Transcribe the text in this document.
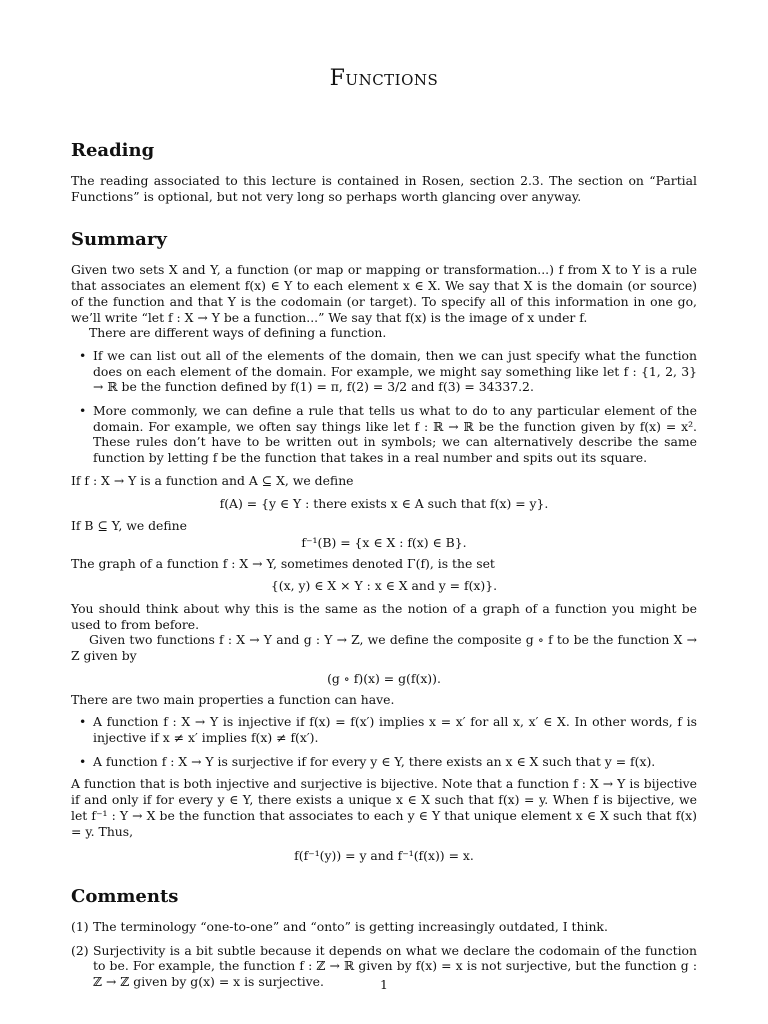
Functions
Reading

The reading associated to this lecture is contained in Rosen, section 2.3. The section on “Partial Functions” is optional, but not very long so perhaps worth glancing over anyway.

Summary

Given two sets X and Y, a function (or map or mapping or transformation...) f from X to Y is a rule that associates an element f(x) ∈ Y to each element x ∈ X. We say that X is the domain (or source) of the function and that Y is the codomain (or target). To specify all of this information in one go, we’ll write “let f : X → Y be a function...” We say that f(x) is the image of x under f.

There are different ways of defining a function.

• If we can list out all of the elements of the domain, then we can just specify what the function does on each element of the domain. For example, we might say something like let f : {1, 2, 3} → ℝ be the function defined by f(1) = π, f(2) = 3/2 and f(3) = 34337.2.
• More commonly, we can define a rule that tells us what to do to any particular element of the domain. For example, we often say things like let f : ℝ → ℝ be the function given by f(x) = x². These rules don’t have to be written out in symbols; we can alternatively describe the same function by letting f be the function that takes in a real number and spits out its square.

If f : X → Y is a function and A ⊆ X, we define

f(A) = {y ∈ Y : there exists x ∈ A such that f(x) = y}.

If B ⊆ Y, we define

f⁻¹(B) = {x ∈ X : f(x) ∈ B}.

The graph of a function f : X → Y, sometimes denoted Γ(f), is the set

{(x, y) ∈ X × Y : x ∈ X and y = f(x)}.

You should think about why this is the same as the notion of a graph of a function you might be used to from before.

Given two functions f : X → Y and g : Y → Z, we define the composite g ∘ f to be the function X → Z given by

(g ∘ f)(x) = g(f(x)).

There are two main properties a function can have.

• A function f : X → Y is injective if f(x) = f(x′) implies x = x′ for all x, x′ ∈ X. In other words, f is injective if x ≠ x′ implies f(x) ≠ f(x′).
• A function f : X → Y is surjective if for every y ∈ Y, there exists an x ∈ X such that y = f(x).

A function that is both injective and surjective is bijective. Note that a function f : X → Y is bijective if and only if for every y ∈ Y, there exists a unique x ∈ X such that f(x) = y. When f is bijective, we let f⁻¹ : Y → X be the function that associates to each y ∈ Y that unique element x ∈ X such that f(x) = y. Thus,

f(f⁻¹(y)) = y and f⁻¹(f(x)) = x.

Comments
(1) The terminology “one-to-one” and “onto” is getting increasingly outdated, I think.
(2) Surjectivity is a bit subtle because it depends on what we declare the codomain of the function to be. For example, the function f : ℤ → ℝ given by f(x) = x is not surjective, but the function g : ℤ → ℤ given by g(x) = x is surjective.	1
